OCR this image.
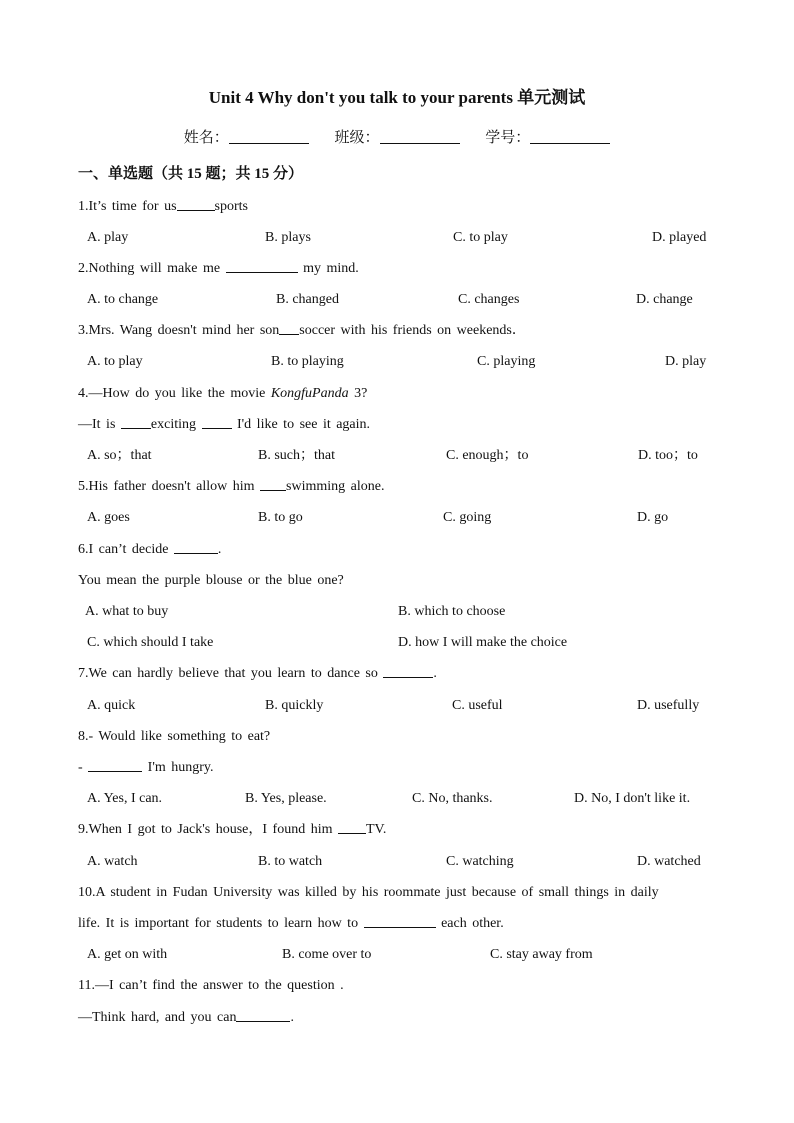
Unit 4 Why don't you talk to your parents 单元测试
姓名：	班级：	学号：
一、单选题（共 15 题；共 15 分）
1.It’s time for us	sports
A. play	B. plays	C. to play	D. played
2.Nothing will make me	my mind.
A. to change	B. changed	C. changes	D. change
3.Mrs. Wang doesn't mind her son soccer with his friends on weekends．
A. to play	B. to playing	C. playing	D. play
4.—How do you like the movie KongfuPanda 3?
—It is exciting  I'd like to see it again.
A. so；that	B. such；that	C. enough；to	D. too；to
5.His father doesn't allow him swimming alone.
A. goes	B. to go	C. going	D. go
6.I can’t decide	.
You mean the purple blouse or the blue one?
A. what to buy	B. which to choose
C. which should I take	D. how I will make the choice
7.We can hardly believe that you learn to dance so	.
A. quick	B. quickly	C. useful	D. usefully
8.- Would like something to eat?
-	I'm hungry.
A. Yes, I can.	B. Yes, please.	C. No, thanks.	D. No, I don't like it.
9.When I got to Jack's house，I found him TV.
A. watch	B. to watch	C. watching	D. watched
10.A student in Fudan University was killed by his roommate just because of small things in daily
life. It is important for students to learn how to	each other.
A. get on with	B. come over to	C. stay away from
11.—I can’t find the answer to the question .
—Think hard, and you can	.
